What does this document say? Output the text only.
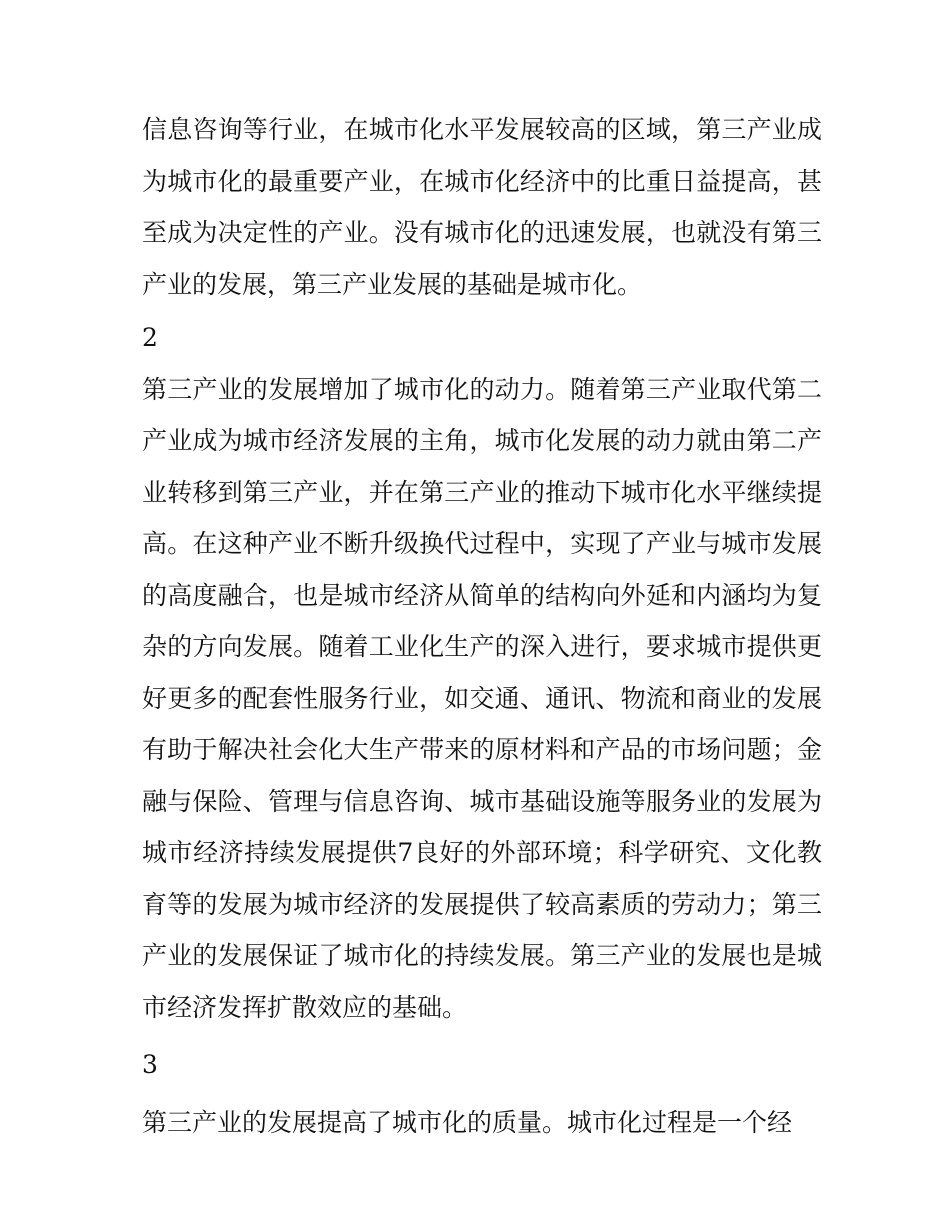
信息咨询等行业，在城市化水平发展较高的区域，第三产业成为城市化的最重要产业，在城市化经济中的比重日益提高，甚至成为决定性的产业。没有城市化的迅速发展，也就没有第三产业的发展，第三产业发展的基础是城市化。

2

第三产业的发展增加了城市化的动力。随着第三产业取代第二产业成为城市经济发展的主角，城市化发展的动力就由第二产业转移到第三产业，并在第三产业的推动下城市化水平继续提高。在这种产业不断升级换代过程中，实现了产业与城市发展的高度融合，也是城市经济从简单的结构向外延和内涵均为复杂的方向发展。随着工业化生产的深入进行，要求城市提供更好更多的配套性服务行业，如交通、通讯、物流和商业的发展有助于解决社会化大生产带来的原材料和产品的市场问题；金融与保险、管理与信息咨询、城市基础设施等服务业的发展为城市经济持续发展提供7良好的外部环境；科学研究、文化教育等的发展为城市经济的发展提供了较高素质的劳动力；第三产业的发展保证了城市化的持续发展。第三产业的发展也是城市经济发挥扩散效应的基础。

3

第三产业的发展提高了城市化的质量。城市化过程是一个经
